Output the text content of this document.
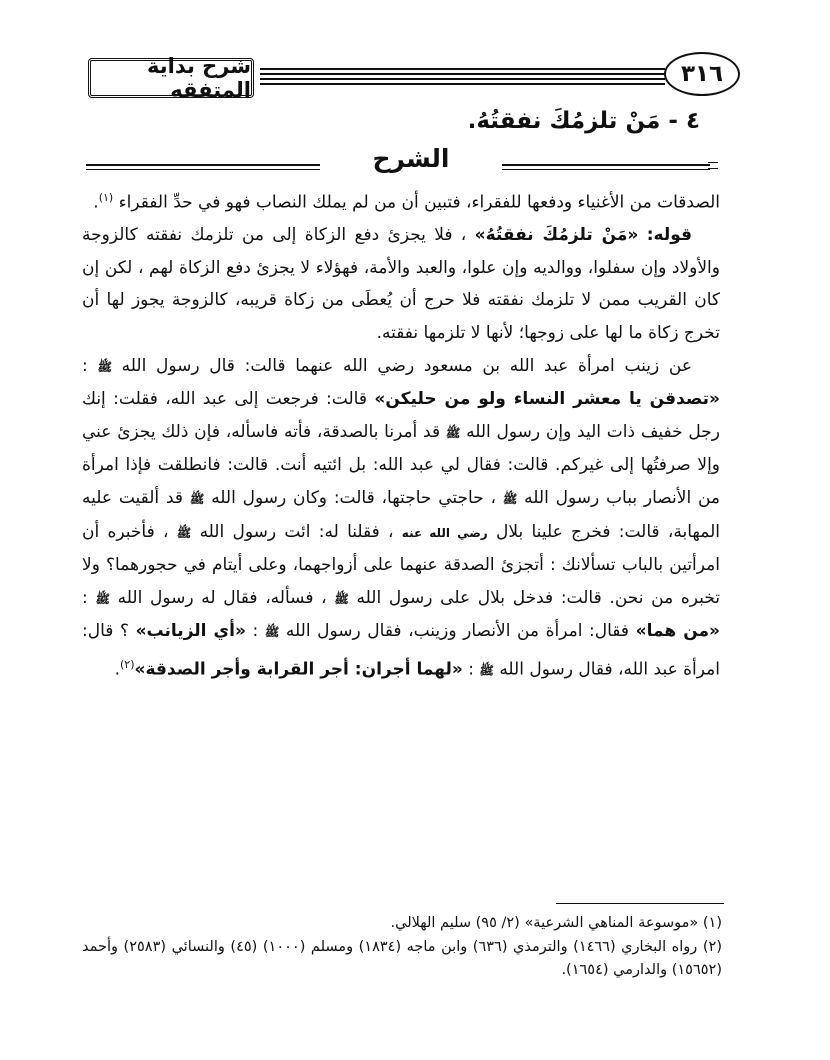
شرح بداية المتفقه
٣١٦
٤ - مَنْ تلزمُكَ نفقتُهُ.
الشرح

الصدقات من الأغنياء ودفعها للفقراء، فتبين أن من لم يملك النصاب فهو في حدِّ الفقراء $^{(١)}$.

قوله: «مَنْ تلزمُكَ نفقتُهُ» ، فلا يجزئ دفع الزكاة إلى من تلزمك نفقته كالزوجة والأولاد وإن سفلوا، ووالديه وإن علوا، والعبد والأمة، فهؤلاء لا يجزئ دفع الزكاة لهم ، لكن إن كان القريب ممن لا تلزمك نفقته فلا حرج أن يُعطَى من زكاة قريبه، كالزوجة يجوز لها أن تخرج زكاة ما لها على زوجها؛ لأنها لا تلزمها نفقته.

عن زينب امرأة عبد الله بن مسعود رضي الله عنهما قالت: قال رسول الله ﷺ : «تصدقن يا معشر النساء ولو من حليكن» قالت: فرجعت إلى عبد الله، فقلت: إنك رجل خفيف ذات اليد وإن رسول الله ﷺ قد أمرنا بالصدقة، فأته فاسأله، فإن ذلك يجزئ عني وإلا صرفتُها إلى غيركم. قالت: فقال لي عبد الله: بل ائتيه أنت. قالت: فانطلقت فإذا امرأة من الأنصار بباب رسول الله ﷺ ، حاجتي حاجتها، قالت: وكان رسول الله ﷺ قد ألقيت عليه المهابة، قالت: فخرج علينا بلال رضي الله عنه ، فقلنا له: ائت رسول الله ﷺ ، فأخبره أن امرأتين بالباب تسألانك : أتجزئ الصدقة عنهما على أزواجهما، وعلى أيتام في حجورهما؟ ولا تخبره من نحن. قالت: فدخل بلال على رسول الله ﷺ ، فسأله، فقال له رسول الله ﷺ : «من هما» فقال: امرأة من الأنصار وزينب، فقال رسول الله ﷺ : «أي الزيانب» ؟ قال: امرأة عبد الله، فقال رسول الله ﷺ : «لهما أجران: أجر القرابة وأجر الصدقة»$^{(٢)}$.

(١) «موسوعة المناهي الشرعية» (٢/ ٩٥) سليم الهلالي.

(٢) رواه البخاري (١٤٦٦) والترمذي (٦٣٦) وابن ماجه (١٨٣٤) ومسلم (١٠٠٠) (٤٥) والنسائي (٢٥٨٣) وأحمد (١٥٦٥٢) والدارمي (١٦٥٤).
